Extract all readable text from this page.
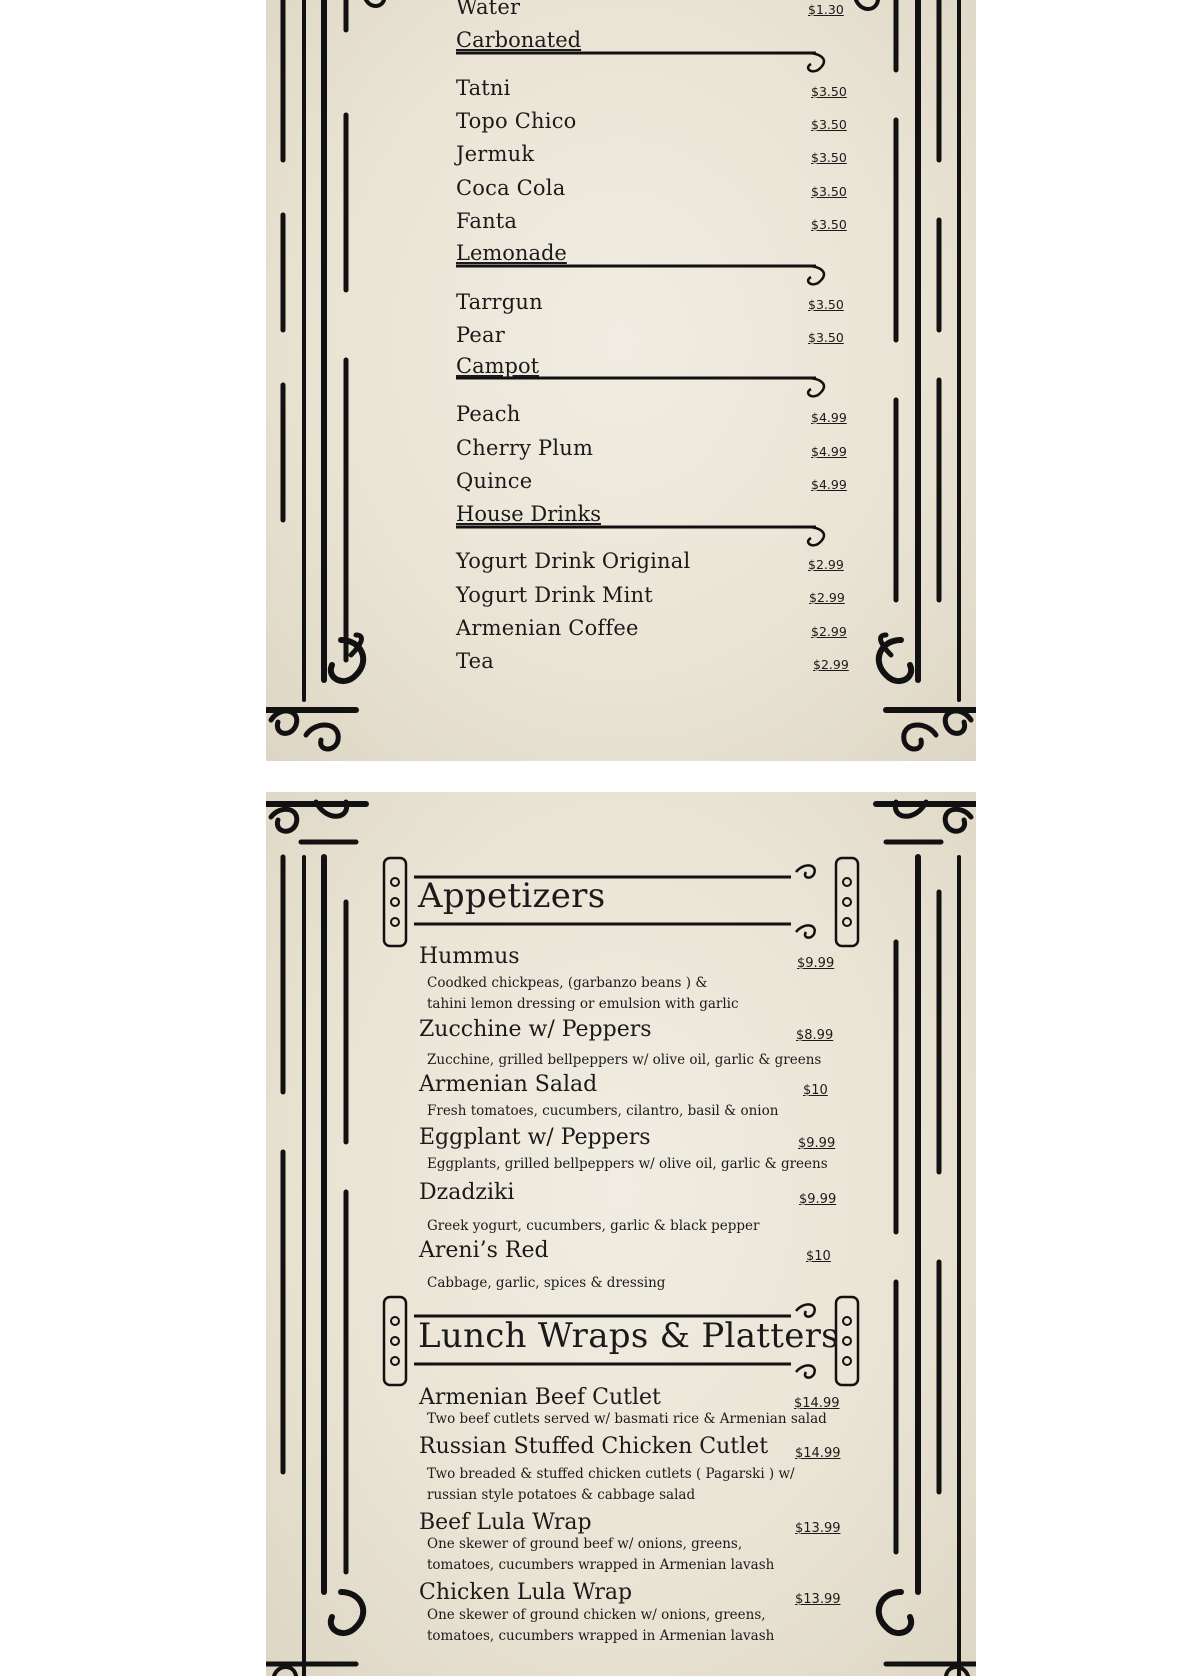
Water	$1.30
Carbonated
Tatni	$3.50
Topo Chico	$3.50
Jermuk	$3.50
Coca Cola	$3.50
Fanta	$3.50
Lemonade
Tarrgun	$3.50
Pear	$3.50
Campot
Peach	$4.99
Cherry Plum	$4.99
Quince	$4.99
House Drinks
Yogurt Drink Original	$2.99
Yogurt Drink Mint	$2.99
Armenian Coffee	$2.99
Tea	$2.99
Appetizers
Hummus	$9.99
Coodked chickpeas, (garbanzo beans ) &
tahini lemon dressing or emulsion with garlic
Zucchine w/ Peppers	$8.99
Zucchine, grilled bellpeppers w/ olive oil, garlic & greens
Armenian Salad	$10
Fresh tomatoes, cucumbers, cilantro, basil & onion
Eggplant w/ Peppers	$9.99
Eggplants, grilled bellpeppers w/ olive oil, garlic & greens
Dzadziki	$9.99
Greek yogurt, cucumbers, garlic & black pepper
Areni’s Red	$10
Cabbage, garlic, spices & dressing
Lunch Wraps & Platters
Armenian Beef Cutlet	$14.99
Two beef cutlets served w/ basmati rice & Armenian salad
Russian Stuffed Chicken Cutlet $14.99
Two breaded & stuffed chicken cutlets ( Pagarski ) w/
russian style potatoes & cabbage salad
Beef Lula Wrap	$13.99
One skewer of ground beef w/ onions, greens,
tomatoes, cucumbers wrapped in Armenian lavash
Chicken Lula Wrap	$13.99
One skewer of ground chicken w/ onions, greens,
tomatoes, cucumbers wrapped in Armenian lavash
